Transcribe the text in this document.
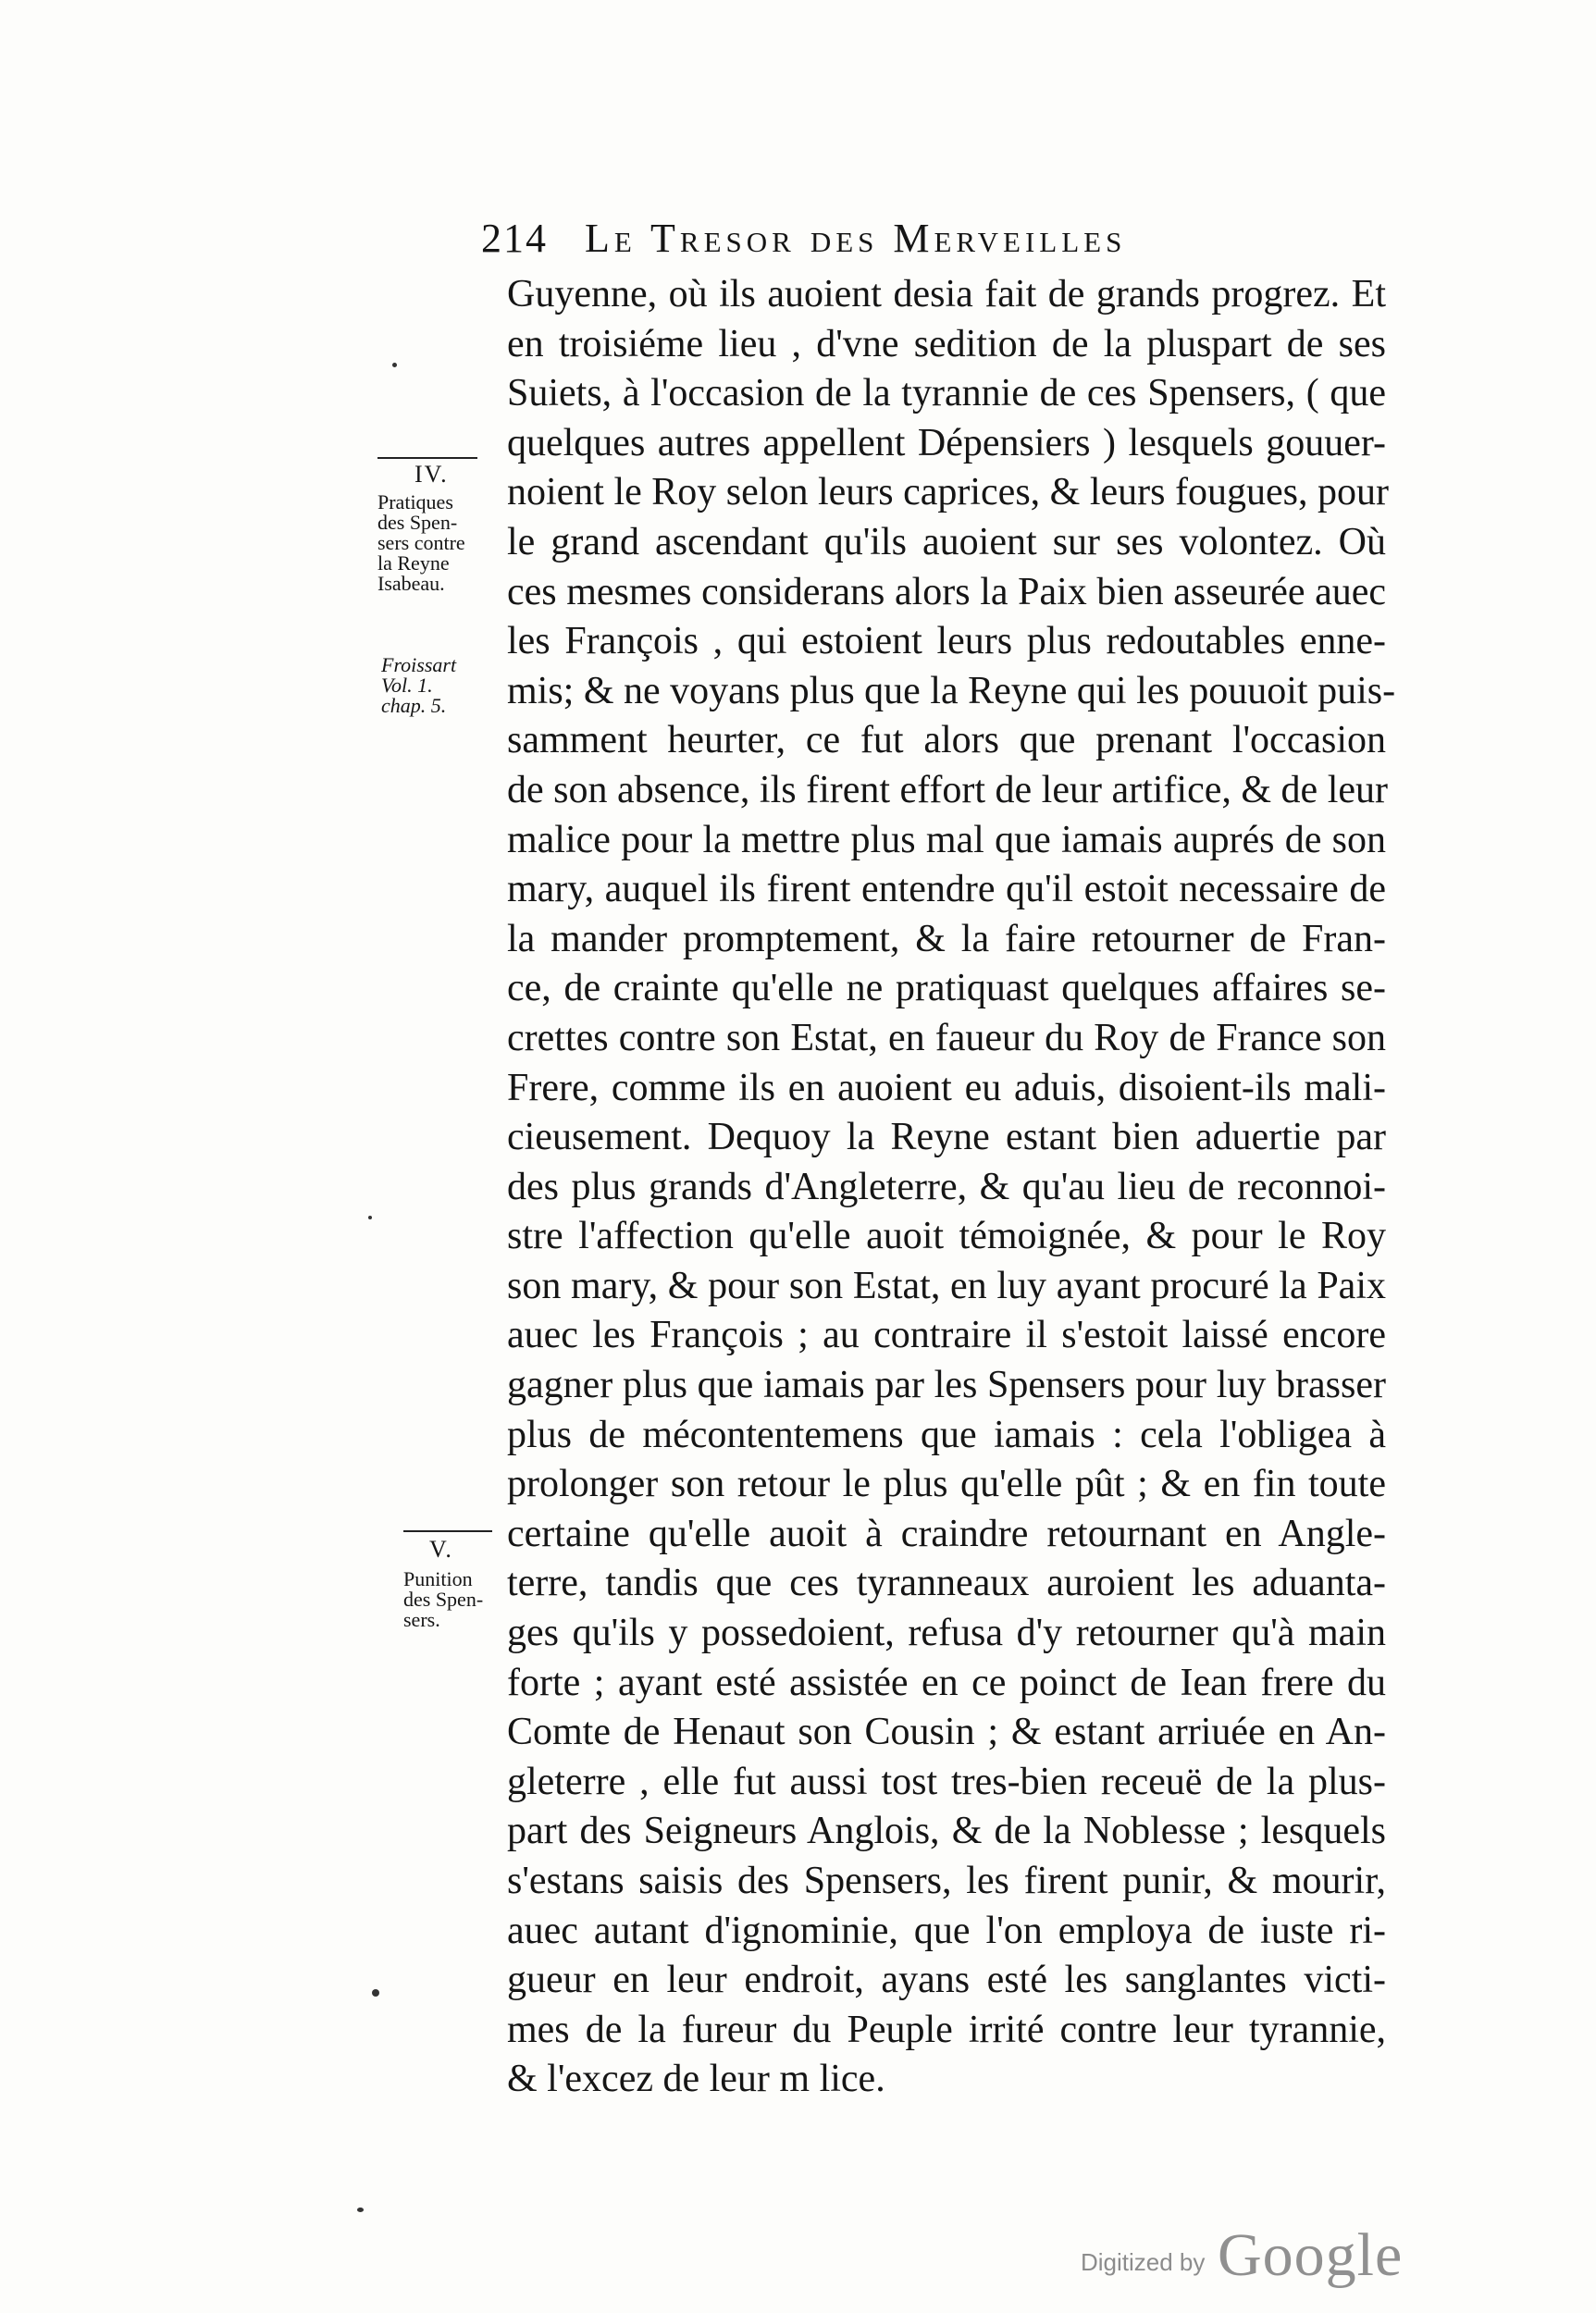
214 Le Tresor des Merveilles
Guyenne, où ils auoient desia fait de grands progrez. Et
en troisiéme lieu , d'vne sedition de la pluspart de ses
Suiets, à l'occasion de la tyrannie de ces Spensers, ( que
quelques autres appellent Dépensiers ) lesquels gouuer-
noient le Roy selon leurs caprices, & leurs fougues, pour
le grand ascendant qu'ils auoient sur ses volontez. Où
ces mesmes considerans alors la Paix bien asseurée auec
les François , qui estoient leurs plus redoutables enne-
mis; & ne voyans plus que la Reyne qui les pouuoit puis-
samment heurter, ce fut alors que prenant l'occasion
de son absence, ils firent effort de leur artifice, & de leur
malice pour la mettre plus mal que iamais auprés de son
mary, auquel ils firent entendre qu'il estoit necessaire de
la mander promptement, & la faire retourner de Fran-
ce, de crainte qu'elle ne pratiquast quelques affaires se-
crettes contre son Estat, en faueur du Roy de France son
Frere, comme ils en auoient eu aduis, disoient-ils mali-
cieusement. Dequoy la Reyne estant bien aduertie par
des plus grands d'Angleterre, & qu'au lieu de reconnoi-
stre l'affection qu'elle auoit témoignée, & pour le Roy
son mary, & pour son Estat, en luy ayant procuré la Paix
auec les François ; au contraire il s'estoit laissé encore
gagner plus que iamais par les Spensers pour luy brasser
plus de mécontentemens que iamais : cela l'obligea à
prolonger son retour le plus qu'elle pût ; & en fin toute
certaine qu'elle auoit à craindre retournant en Angle-
terre, tandis que ces tyranneaux auroient les aduanta-
ges qu'ils y possedoient, refusa d'y retourner qu'à main
forte ; ayant esté assistée en ce poinct de Iean frere du
Comte de Henaut son Cousin ; & estant arriuée en An-
gleterre , elle fut aussi tost tres-bien receuë de la plus-
part des Seigneurs Anglois, & de la Noblesse ; lesquels
s'estans saisis des Spensers, les firent punir, & mourir,
auec autant d'ignominie, que l'on employa de iuste ri-
gueur en leur endroit, ayans esté les sanglantes victi-
mes de la fureur du Peuple irrité contre leur tyrannie,
& l'excez de leur m lice.
IV.
Pratiques
des Spen-
sers contre
la Reyne
Isabeau.
Froissart
Vol. 1.
chap. 5.
V.
Punition
des Spen-
sers.
Digitized by Google
